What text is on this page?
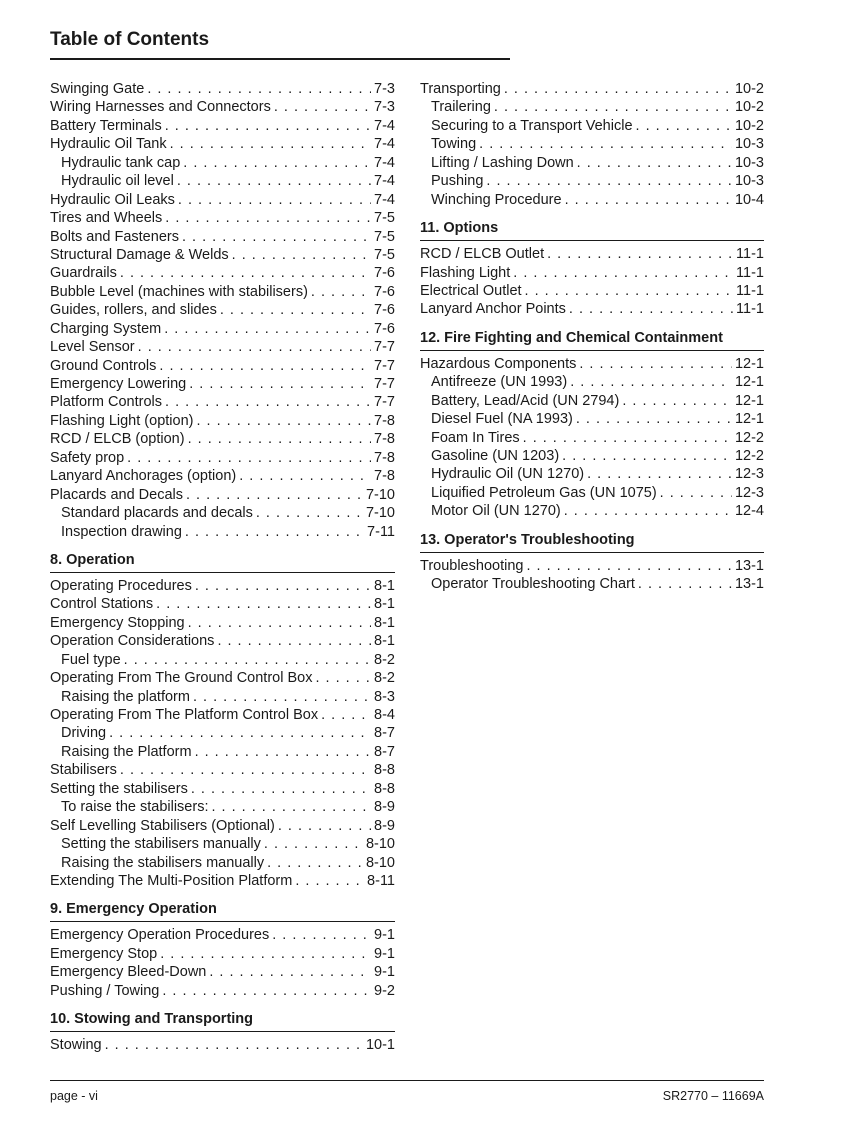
Table of Contents
Swinging Gate . . .	7-3
Wiring Harnesses and Connectors . . .	7-3
Battery Terminals . . .	7-4
Hydraulic Oil Tank . . .	7-4
Hydraulic tank cap . . .	7-4
Hydraulic oil level . . .	7-4
Hydraulic Oil Leaks . . .	7-4
Tires and Wheels . . .	7-5
Bolts and Fasteners . . .	7-5
Structural Damage & Welds . . .	7-5
Guardrails . . .	7-6
Bubble Level (machines with stabilisers) . . .	7-6
Guides, rollers, and slides . . .	7-6
Charging System . . .	7-6
Level Sensor . . .	7-7
Ground Controls . . .	7-7
Emergency Lowering . . .	7-7
Platform Controls . . .	7-7
Flashing Light (option) . . .	7-8
RCD / ELCB (option) . . .	7-8
Safety prop . . .	7-8
Lanyard Anchorages (option) . . .	7-8
Placards and Decals . . .	7-10
Standard placards and decals . . .	7-10
Inspection drawing . . .	7-11
8. Operation
Operating Procedures . . .	8-1
Control Stations . . .	8-1
Emergency Stopping . . .	8-1
Operation Considerations . . .	8-1
Fuel type . . .	8-2
Operating From The Ground Control Box . . .	8-2
Raising the platform . . .	8-3
Operating From The Platform Control Box . . .	8-4
Driving . . .	8-7
Raising the Platform . . .	8-7
Stabilisers . . .	8-8
Setting the stabilisers . . .	8-8
To raise the stabilisers: . . .	8-9
Self Levelling Stabilisers (Optional) . . .	8-9
Setting the stabilisers manually . . .	8-10
Raising the stabilisers manually . . .	8-10
Extending The Multi-Position Platform . . .	8-11
9. Emergency Operation
Emergency Operation Procedures . . .	9-1
Emergency Stop . . .	9-1
Emergency Bleed-Down . . .	9-1
Pushing / Towing . . .	9-2
10. Stowing and Transporting
Stowing . . .	10-1
Transporting . . .	10-2
Trailering . . .	10-2
Securing to a Transport Vehicle . . .	10-2
Towing . . .	10-3
Lifting / Lashing Down . . .	10-3
Pushing . . .	10-3
Winching Procedure . . .	10-4
11. Options
RCD / ELCB Outlet . . .	11-1
Flashing Light . . .	11-1
Electrical Outlet . . .	11-1
Lanyard Anchor Points . . .	11-1
12. Fire Fighting and Chemical Containment
Hazardous Components . . .	12-1
Antifreeze (UN 1993) . . .	12-1
Battery, Lead/Acid (UN 2794) . . .	12-1
Diesel Fuel (NA 1993) . . .	12-1
Foam In Tires . . .	12-2
Gasoline (UN 1203) . . .	12-2
Hydraulic Oil (UN 1270) . . .	12-3
Liquified Petroleum Gas (UN 1075) . . .	12-3
Motor Oil (UN 1270) . . .	12-4
13. Operator's Troubleshooting
Troubleshooting . . .	13-1
Operator Troubleshooting Chart . . .	13-1
page - vi	SR2770 – 11669A
